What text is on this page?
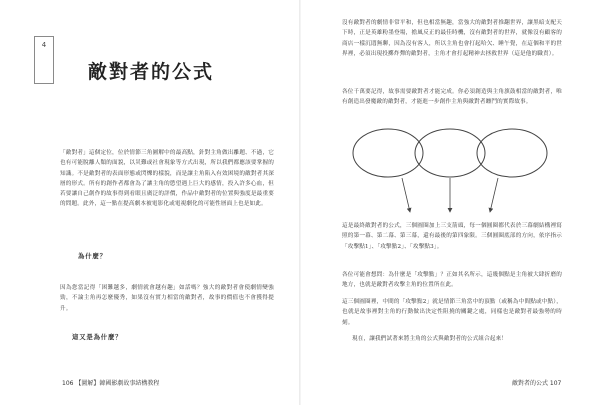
4
敵對者的公式

「敵對者」這個定位，位於情節三角圖解中的最高點，針對主角做出離題、不過，它也有可能脫離人類的面貌，以災難或社會現象等方式出現，所以我們都應該要掌握的知識。不是敵對者的表面形態或閃爍的樣貌，而是讓主角陷入有效困境的敵對者其深層的形式。所有的創作者都會為了讓主角的慾望遇上巨大的感情，投入許多心血，但若要讓自己創作的故事得到看眼且廣泛的評價，作品中敵對者的位置與強度是最重要的問題。此外，這一點在提高劇本被電影化或電視劇化的可能性層面上也是如此。

為什麼？

因為您當記得「困難越多，劇情就會越有趣」如話嗎？強大的敵對者會使劇情變強勁，不論主角再怎麼優秀，如果沒有實力相當的敵對者，故事的價值也不會獲得提升。

這又是為什麼？

106 【圖解】韓國影劇故事結構教程

沒有敵對者的劇情非常平和，但也相當無趣，當強大的敵對者推翻世界，讓黑暗支配天下時，正是英雄粉墨登場，擔風反正的最佳時機，沒有敵對者的世界，就像沒有顧客的商店一樣沉悶無聊，因為沒有客人，所以主角也會打起哈欠、睡午覺，在這個和平的世界裡，必須出現投擲炸彈的敵對者，主角才會打起精神去拯救世界（這是他的職責）。

各位千萬要記得，故事需要敵對者才能完成。你必須創造與主角旗鼓相當的敵對者，唯有創造出發魔敵的敵對者，才能進一步創作主角與敵對者纏鬥的實際故事。

這是最終敵對者的公式，三個圓圈加上三支箭頭，每一個圓圈都代表於三幕劇結構裡寫照的第一幕、第二幕、第三幕，還有最後的第四象限。三個圓圈底部的方向，依序指示「攻擊點1」、「攻擊點2」、「攻擊點3」。

各位可能會想問：為什麼是「攻擊點」？正如其名所示，這幾個點是主角被大肆折磨的地方，也就是敵對者攻擊主角的位置所在此。

這三個圓圈裡，中間的「攻擊點2」就是情節三角當中的頂點（或稱為中間點或中點），也就是故事裡對主角的行動做出決定性阻撓的關鍵之處，同樣也是敵對者最強勢的時刻。

現在，讓我們試著來將主角的公式與敵對者的公式組合起來！

敵對者的公式 107
